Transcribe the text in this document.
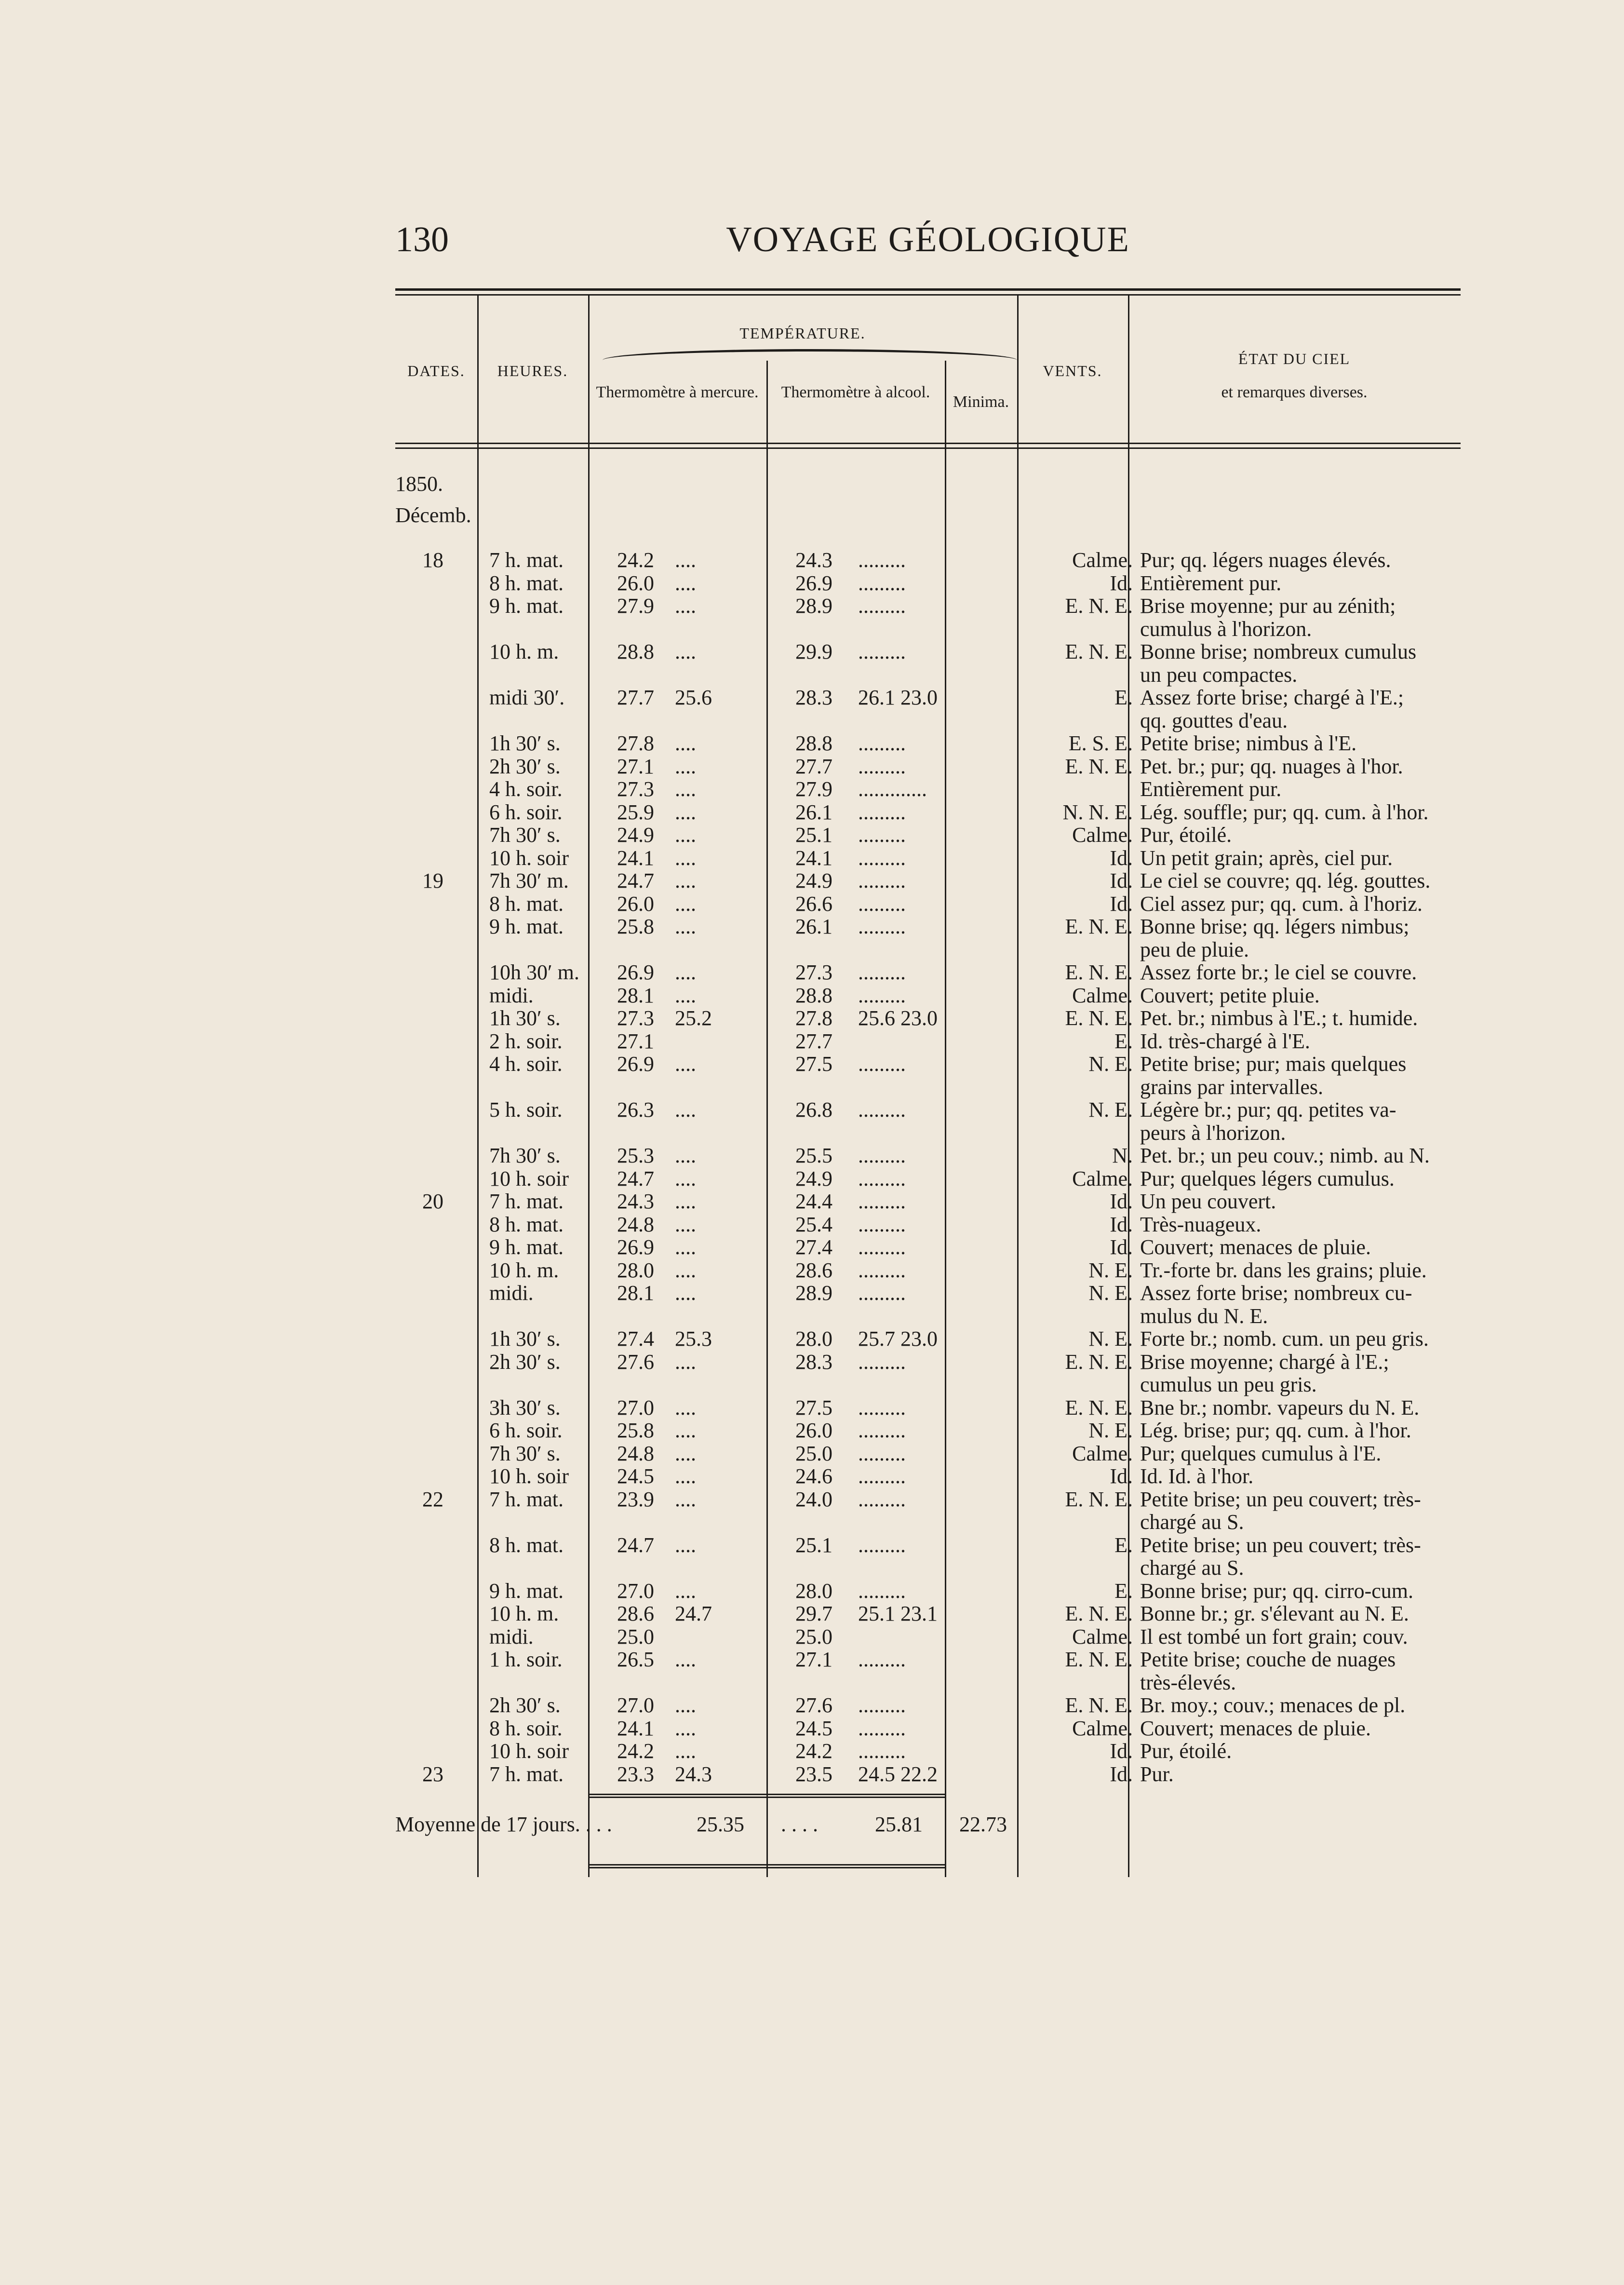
130	VOYAGE GÉOLOGIQUE
DATES.	HEURES.
TEMPÉRATURE.
Thermomètre à mercure.	Thermomètre à alcool.
Minima.
VENTS.
ÉTAT DU CIEL
et remarques diverses.
1850.
Décemb.
18 7 h. mat.	24.2 ....	24.3 .........	Calme. Pur; qq. légers nuages élevés.
8 h. mat.	26.0 ....	26.9 .........	Id. Entièrement pur.
9 h. mat.	27.9 ....	28.9 .........	E. N. E. Brise moyenne; pur au zénith;
cumulus à l'horizon.
10 h. m.	28.8 ....	29.9 .........	E. N. E. Bonne brise; nombreux cumulus
un peu compactes.
midi 30′.	27.7 25.6	28.3 26.1 23.0	E. Assez forte brise; chargé à l'E.;
qq. gouttes d'eau.
1h 30′ s.	27.8 ....	28.8 .........	E. S. E. Petite brise; nimbus à l'E.
2h 30′ s.	27.1 ....	27.7 .........	E. N. E. Pet. br.; pur; qq. nuages à l'hor.
4 h. soir.	27.3 ....	27.9 .............	Entièrement pur.
6 h. soir.	25.9 ....	26.1 .........	N. N. E. Lég. souffle; pur; qq. cum. à l'hor.
7h 30′ s.	24.9 ....	25.1 .........	Calme. Pur, étoilé.
10 h. soir	24.1 ....	24.1 .........	Id. Un petit grain; après, ciel pur.
19 7h 30′ m.	24.7 ....	24.9 .........	Id. Le ciel se couvre; qq. lég. gouttes.
8 h. mat.	26.0 ....	26.6 .........	Id. Ciel assez pur; qq. cum. à l'horiz.
9 h. mat.	25.8 ....	26.1 .........	E. N. E. Bonne brise; qq. légers nimbus;
peu de pluie.
10h 30′ m.	26.9 ....	27.3 .........	E. N. E. Assez forte br.; le ciel se couvre.
midi.	28.1 ....	28.8 .........	Calme. Couvert; petite pluie.
1h 30′ s.	27.3 25.2	27.8 25.6 23.0	E. N. E. Pet. br.; nimbus à l'E.; t. humide.
2 h. soir.	27.1	27.7	E. Id. très-chargé à l'E.
4 h. soir.	26.9 ....	27.5 .........	N. E. Petite brise; pur; mais quelques
grains par intervalles.
5 h. soir.	26.3 ....	26.8 .........	N. E. Légère br.; pur; qq. petites va-
peurs à l'horizon.
7h 30′ s.	25.3 ....	25.5 .........	N. Pet. br.; un peu couv.; nimb. au N.
10 h. soir	24.7 ....	24.9 .........	Calme. Pur; quelques légers cumulus.
20 7 h. mat.	24.3 ....	24.4 .........	Id. Un peu couvert.
8 h. mat.	24.8 ....	25.4 .........	Id. Très-nuageux.
9 h. mat.	26.9 ....	27.4 .........	Id. Couvert; menaces de pluie.
10 h. m.	28.0 ....	28.6 .........	N. E. Tr.-forte br. dans les grains; pluie.
midi.	28.1 ....	28.9 .........	N. E. Assez forte brise; nombreux cu-
mulus du N. E.
1h 30′ s.	27.4 25.3	28.0 25.7 23.0	N. E. Forte br.; nomb. cum. un peu gris.
2h 30′ s.	27.6 ....	28.3 .........	E. N. E. Brise moyenne; chargé à l'E.;
cumulus un peu gris.
3h 30′ s.	27.0 ....	27.5 .........	E. N. E. Bne br.; nombr. vapeurs du N. E.
6 h. soir.	25.8 ....	26.0 .........	N. E. Lég. brise; pur; qq. cum. à l'hor.
7h 30′ s.	24.8 ....	25.0 .........	Calme. Pur; quelques cumulus à l'E.
10 h. soir	24.5 ....	24.6 .........	Id. Id. Id. à l'hor.
22 7 h. mat.	23.9 ....	24.0 .........	E. N. E. Petite brise; un peu couvert; très-
chargé au S.
8 h. mat.	24.7 ....	25.1 .........	E. Petite brise; un peu couvert; très-
chargé au S.
9 h. mat.	27.0 ....	28.0 .........	E. Bonne brise; pur; qq. cirro-cum.
10 h. m.	28.6 24.7	29.7 25.1 23.1	E. N. E. Bonne br.; gr. s'élevant au N. E.
midi.	25.0	25.0	Calme. Il est tombé un fort grain; couv.
1 h. soir.	26.5 ....	27.1 .........	E. N. E. Petite brise; couche de nuages
très-élevés.
2h 30′ s.	27.0 ....	27.6 .........	E. N. E. Br. moy.; couv.; menaces de pl.
8 h. soir.	24.1 ....	24.5 .........	Calme. Couvert; menaces de pluie.
10 h. soir	24.2 ....	24.2 .........	Id. Pur, étoilé.
23 7 h. mat.	23.3 24.3	23.5 24.5 22.2	Id. Pur.
Moyenne de 17 jours. . . .	25.35 . . . .	25.81 22.73
